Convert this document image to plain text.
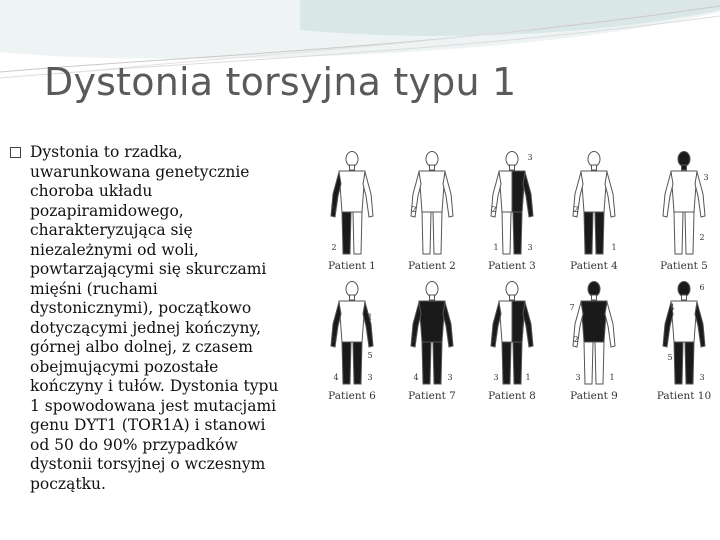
Dystonia torsyjna typu 1
Dystonia to rzadka,
uwarunkowana genetycznie
choroba układu
pozapiramidowego,
charakteryzująca się
niezależnymi od woli,
powtarzającymi się skurczami
mięśni (ruchami
dystonicznymi), początkowo
dotyczącymi jednej kończyny,
górnej albo dolnej, z czasem
obejmującymi pozostałe
kończyny i tułów. Dystonia typu
1 spowodowana jest mutacjami
genu DYT1 (TOR1A) i stanowi
od 50 do 90% przypadków
dystonii torsyjnej o wczesnym
początku.
1
2
Patient 1
2
Patient 2
3
2
1	3
Patient 3
2
1
Patient 4
3
2
Patient 5
2
1
5
4	3
Patient 6
2
4	3
Patient 7
2
3	1
Patient 8
7
2
3	1
Patient 9
6
4
5
2
3
Patient 10
